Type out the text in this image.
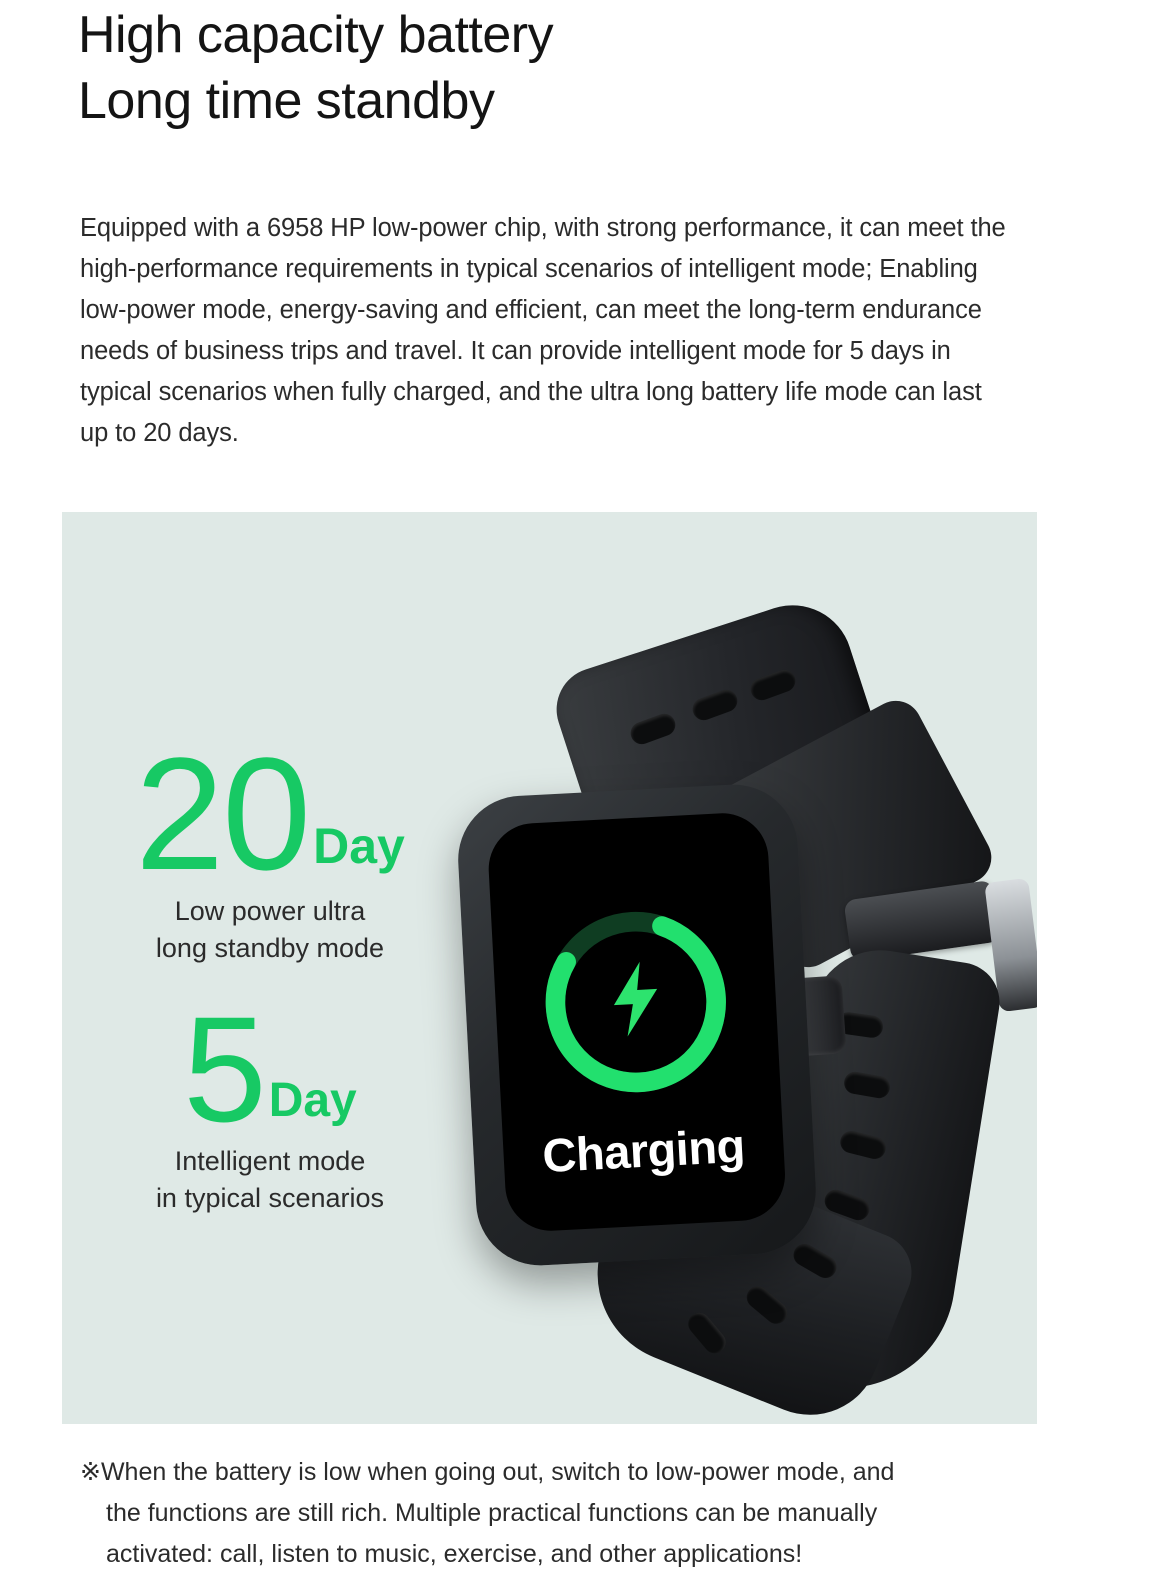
High capacity battery
Long time standby

Equipped with a 6958 HP low-power chip, with strong performance, it can meet the high-performance requirements in typical scenarios of intelligent mode; Enabling low-power mode, energy-saving and efficient, can meet the long-term endurance needs of business trips and travel. It can provide intelligent mode for 5 days in typical scenarios when fully charged, and the ultra long battery life mode can last up to 20 days.

20 Day
Low power ultra
long standby mode
5 Day
Intelligent mode
in typical scenarios
Charging
※When the battery is low when going out, switch to low-power mode, and
the functions are still rich. Multiple practical functions can be manually
activated: call, listen to music, exercise, and other applications!
